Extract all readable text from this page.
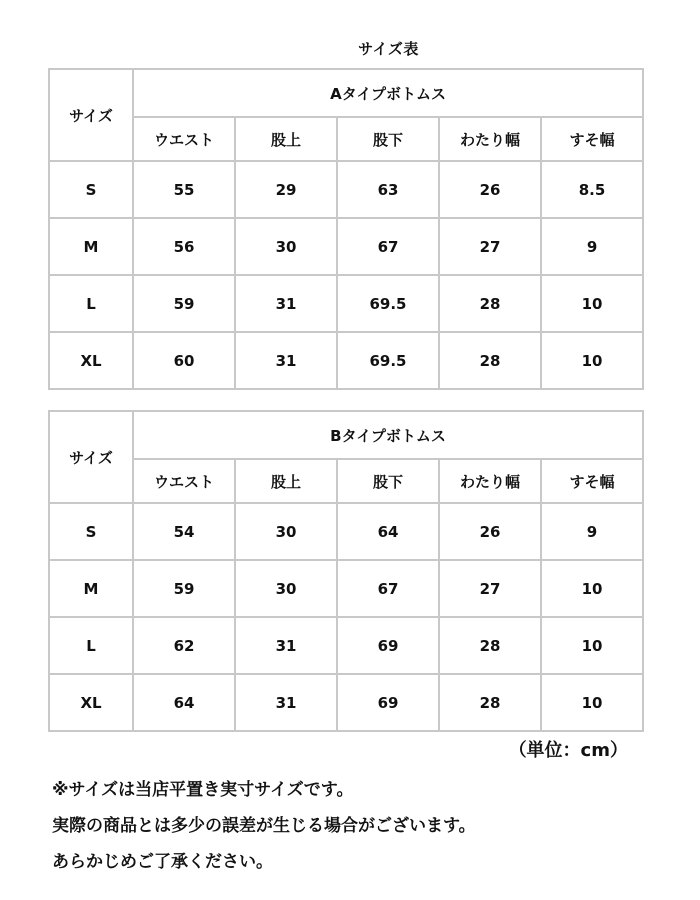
サイズ表
サイズ	Aタイプボトムス				
	ウエスト	股上	股下	わたり幅	すそ幅
S	55	29	63	26	8.5
M	56	30	67	27	9
L	59	31	69.5	28	10
XL	60	31	69.5	28	10
サイズ	Bタイプボトムス				
	ウエスト	股上	股下	わたり幅	すそ幅
S	54	30	64	26	9
M	59	30	67	27	10
L	62	31	69	28	10
XL	64	31	69	28	10
（単位：cm）
※サイズは当店平置き実寸サイズです。
実際の商品とは多少の誤差が生じる場合がございます。
あらかじめご了承ください。
